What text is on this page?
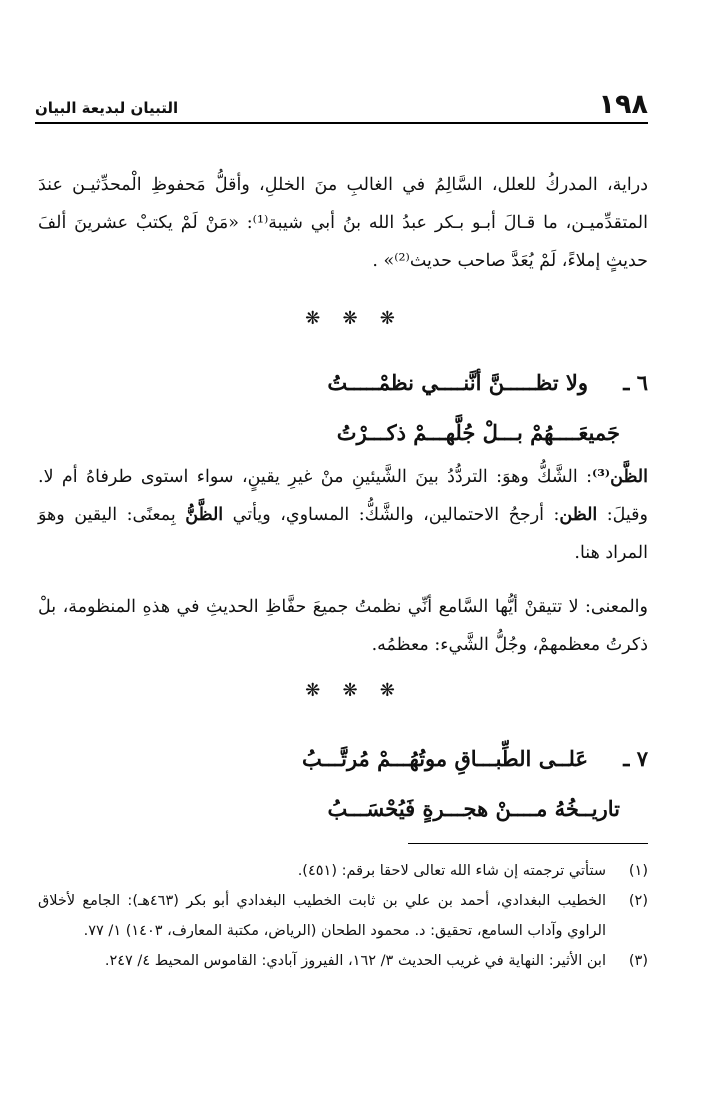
١٩٨
التبيان لبديعة البيان
دراية، المدركُ للعلل، السَّالِمُ في الغالبِ منَ الخللِ، وأقلُّ مَحفوظِ الْمحدِّثيـن عندَ المتقدِّميـن، ما قـالَ أبـو بـكر عبدُ الله بنُ أبي شيبة⁽¹⁾: «مَنْ لَمْ يكتبْ عشرينَ ألفَ حديثٍ إملاءً، لَمْ يُعَدَّ صاحب حديث⁽²⁾» .
❋ ❋ ❋
٦ ـولا تظـــــنَّ أنَّنــــي نظمْـــــتُ
جَميعَــــهُمْ بـــلْ جُلَّهـــمْ ذكـــرْتُ
الظَّن⁽³⁾: الشَّكُّ وهوَ: التردُّدُ بينَ الشَّيئينِ منْ غيرِ يقينٍ، سواء استوى طرفاهُ أم لا. وقيلَ: الظن: أرجحُ الاحتمالين، والشَّكُّ: المساوي، ويأتي الظَّنُّ بِمعنًى: اليقين وهوَ المراد هنا.
والمعنى: لا تتيقنْ أيُّها السَّامع أنِّي نظمتُ جميعَ حفَّاظِ الحديثِ في هذهِ المنظومة، بلْ ذكرتُ معظمهمْ، وجُلُّ الشَّيء: معظمُه.
❋ ❋ ❋
٧ ـعَلــى الطِّبـــاقِ موتُهُـــمْ مُرتَّـــبُ
تاريــخُهُ مــــنْ هجـــرةٍ فَيُحْسَـــبُ
(١)
ستأتي ترجمته إن شاء الله تعالى لاحقا برقم: (٤٥١).
(٢)
الخطيب البغدادي، أحمد بن علي بن ثابت الخطيب البغدادي أبو بكر (٤٦٣هـ): الجامع لأخلاق الراوي وآداب السامع، تحقيق: د. محمود الطحان (الرياض، مكتبة المعارف، ١٤٠٣) ١/ ٧٧.
(٣)
ابن الأثير: النهاية في غريب الحديث ٣/ ١٦٢، الفيروز آبادي: القاموس المحيط ٤/ ٢٤٧.
